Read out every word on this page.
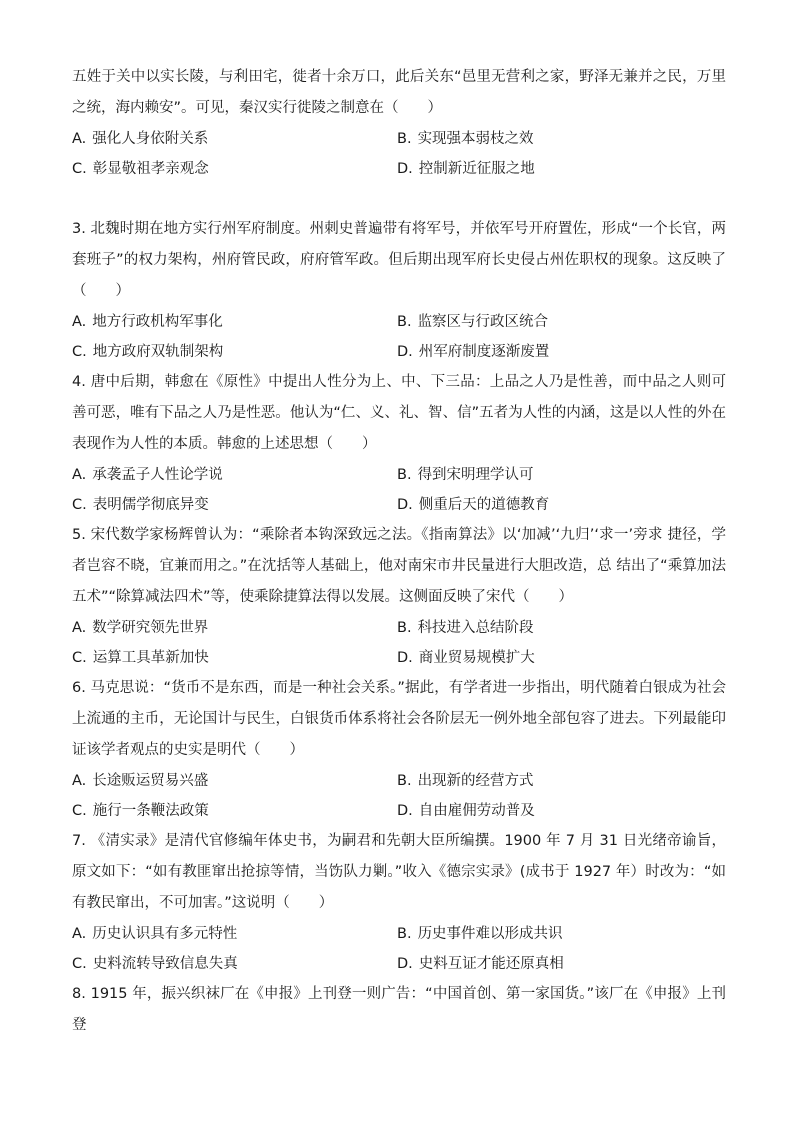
五姓于关中以实长陵，与利田宅，徙者十余万口，此后关东“邑里无营利之家，野泽无兼并之民，万里之统，海内赖安”。可见，秦汉实行徙陵之制意在（　　）

A. 强化人身依附关系	B. 实现强本弱枝之效
C. 彰显敬祖孝亲观念	D. 控制新近征服之地

3. 北魏时期在地方实行州军府制度。州刺史普遍带有将军号，并依军号开府置佐，形成“一个长官，两套班子”的权力架构，州府管民政，府府管军政。但后期出现军府长史侵占州佐职权的现象。这反映了（　　）

A. 地方行政机构军事化	B. 监察区与行政区统合
C. 地方政府双轨制架构	D. 州军府制度逐渐废置

4. 唐中后期，韩愈在《原性》中提出人性分为上、中、下三品：上品之人乃是性善，而中品之人则可善可恶，唯有下品之人乃是性恶。他认为“仁、义、礼、智、信”五者为人性的内涵，这是以人性的外在表现作为人性的本质。韩愈的上述思想（　　）

A. 承袭孟子人性论学说	B. 得到宋明理学认可
C. 表明儒学彻底异变	D. 侧重后天的道德教育

5. 宋代数学家杨辉曾认为：“乘除者本钩深致远之法。《指南算法》以‘加减’‘九归’‘求一’旁求 捷径，学者岂容不晓，宜兼而用之。”在沈括等人基础上，他对南宋市井民量进行大胆改造，总 结出了“乘算加法五术”“除算减法四术”等，使乘除捷算法得以发展。这侧面反映了宋代（　　）

A. 数学研究领先世界	B. 科技进入总结阶段
C. 运算工具革新加快	D. 商业贸易规模扩大

6. 马克思说：“货币不是东西，而是一种社会关系。”据此，有学者进一步指出，明代随着白银成为社会上流通的主币，无论国计与民生，白银货币体系将社会各阶层无一例外地全部包容了进去。下列最能印证该学者观点的史实是明代（　　）

A. 长途贩运贸易兴盛	B. 出现新的经营方式
C. 施行一条鞭法政策	D. 自由雇佣劳动普及

7. 《清实录》是清代官修编年体史书，为嗣君和先朝大臣所编撰。1900 年 7 月 31 日光绪帝谕旨，原文如下：“如有教匪窜出抢掠等情，当饬队力剿。”收入《德宗实录》(成书于 1927 年）时改为：“如有教民窜出，不可加害。”这说明（　　）

A. 历史认识具有多元特性	B. 历史事件难以形成共识
C. 史料流转导致信息失真	D. 史料互证才能还原真相

8. 1915 年，振兴织袜厂在《申报》上刊登一则广告：“中国首创、第一家国货。”该厂在《申报》上刊登
